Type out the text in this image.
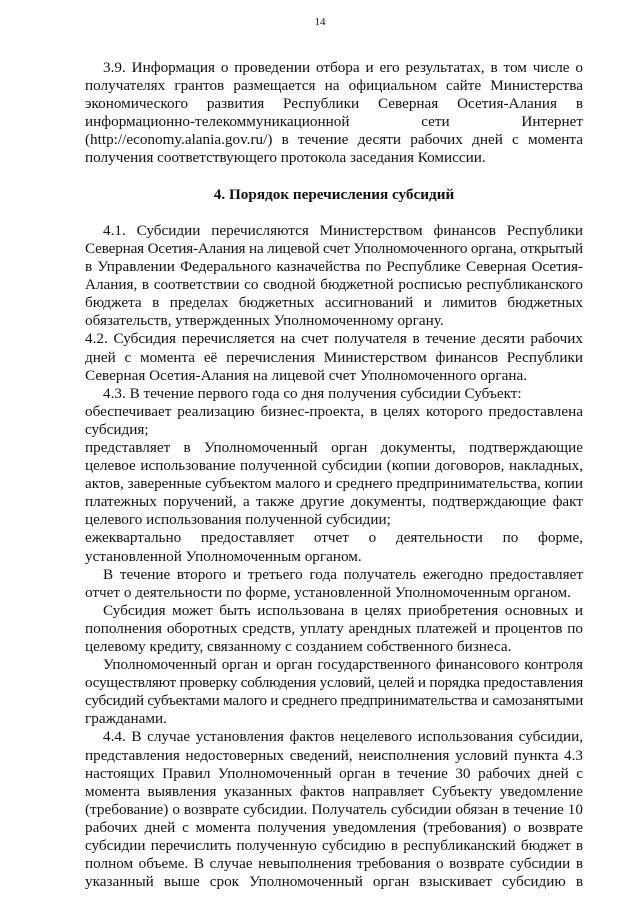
14
3.9. Информация о проведении отбора и его результатах, в том числе о
получателях грантов размещается на официальном сайте Министерства
экономического развития Республики Северная Осетия-Алания в
информационно-телекоммуникационной сети Интернет
(http://economy.alania.gov.ru/) в течение десяти рабочих дней с момента
получения соответствующего протокола заседания Комиссии.
4. Порядок перечисления субсидий
4.1. Субсидии перечисляются Министерством финансов Республики
Северная Осетия-Алания на лицевой счет Уполномоченного органа, открытый
в Управлении Федерального казначейства по Республике Северная Осетия-
Алания, в соответствии со сводной бюджетной росписью республиканского
бюджета в пределах бюджетных ассигнований и лимитов бюджетных
обязательств, утвержденных Уполномоченному органу.
4.2. Субсидия перечисляется на счет получателя в течение десяти рабочих
дней с момента её перечисления Министерством финансов Республики
Северная Осетия-Алания на лицевой счет Уполномоченного органа.
4.3. В течение первого года со дня получения субсидии Субъект:
обеспечивает реализацию бизнес-проекта, в целях которого предоставлена
субсидия;
представляет в Уполномоченный орган документы, подтверждающие
целевое использование полученной субсидии (копии договоров, накладных,
актов, заверенные субъектом малого и среднего предпринимательства, копии
платежных поручений, а также другие документы, подтверждающие факт
целевого использования полученной субсидии;
ежеквартально предоставляет отчет о деятельности по форме,
установленной Уполномоченным органом.
В течение второго и третьего года получатель ежегодно предоставляет
отчет о деятельности по форме, установленной Уполномоченным органом.
Субсидия может быть использована в целях приобретения основных и
пополнения оборотных средств, уплату арендных платежей и процентов по
целевому кредиту, связанному с созданием собственного бизнеса.
Уполномоченный орган и орган государственного финансового контроля
осуществляют проверку соблюдения условий, целей и порядка предоставления
субсидий субъектами малого и среднего предпринимательства и самозанятыми
гражданами.
4.4. В случае установления фактов нецелевого использования субсидии,
представления недостоверных сведений, неисполнения условий пункта 4.3
настоящих Правил Уполномоченный орган в течение 30 рабочих дней с
момента выявления указанных фактов направляет Субъекту уведомление
(требование) о возврате субсидии. Получатель субсидии обязан в течение 10
рабочих дней с момента получения уведомления (требования) о возврате
субсидии перечислить полученную субсидию в республиканский бюджет в
полном объеме. В случае невыполнения требования о возврате субсидии в
указанный выше срок Уполномоченный орган взыскивает субсидию в
